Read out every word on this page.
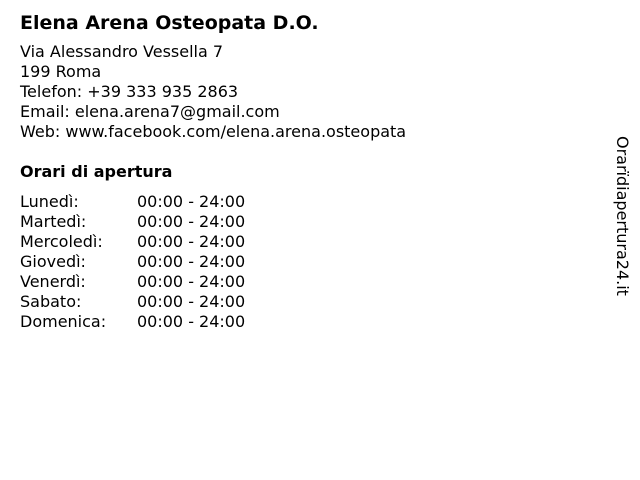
Elena Arena Osteopata D.O.
Via Alessandro Vessella 7
199 Roma
Telefon: +39 333 935 2863
Email: elena.arena7@gmail.com
Web: www.facebook.com/elena.arena.osteopata
Orari di apertura
Lunedì:	00:00 - 24:00
Martedì:	00:00 - 24:00
Mercoledì:	00:00 - 24:00
Giovedì:	00:00 - 24:00
Venerdì:	00:00 - 24:00
Sabato:	00:00 - 24:00
Domenica:	00:00 - 24:00
Orarïdiapertura24.it
